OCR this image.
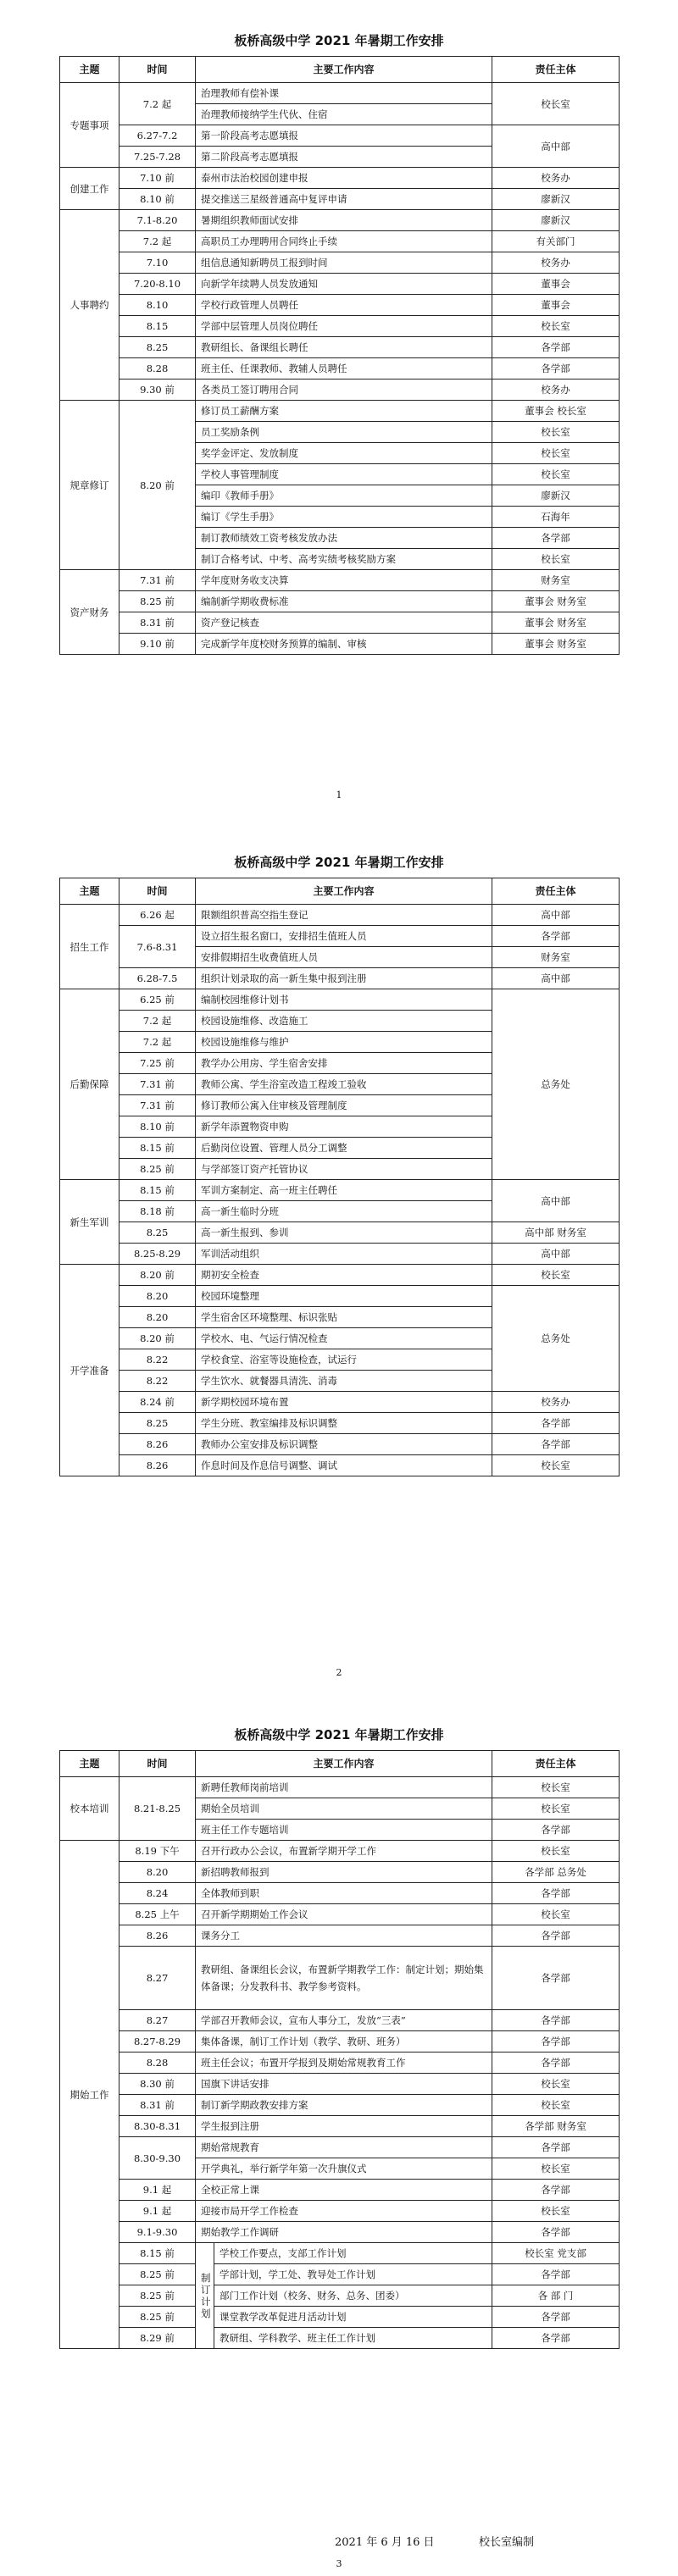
板桥高级中学 2021 年暑期工作安排
主题	时间	主要工作内容	责任主体
专题事项	7.2 起	治理教师有偿补课	校长室
		治理教师接纳学生代伙、住宿	
	6.27-7.2	第一阶段高考志愿填报	高中部
	7.25-7.28	第二阶段高考志愿填报	
创建工作	7.10 前	泰州市法治校园创建申报	校务办
	8.10 前	提交推送三星级普通高中复评申请	廖新汉
人事聘约	7.1-8.20	暑期组织教师面试安排	廖新汉
	7.2 起	高职员工办理聘用合同终止手续	有关部门
	7.10	组信息通知新聘员工报到时间	校务办
	7.20-8.10	向新学年续聘人员发放通知	董事会
	8.10	学校行政管理人员聘任	董事会
	8.15	学部中层管理人员岗位聘任	校长室
	8.25	教研组长、备课组长聘任	各学部
	8.28	班主任、任课教师、教辅人员聘任	各学部
	9.30 前	各类员工签订聘用合同	校务办
规章修订	8.20 前	修订员工薪酬方案	董事会 校长室
		员工奖励条例	校长室
		奖学金评定、发放制度	校长室
		学校人事管理制度	校长室
		编印《教师手册》	廖新汉
		编订《学生手册》	石海年
		制订教师绩效工资考核发放办法	各学部
		制订合格考试、中考、高考实绩考核奖励方案	校长室
资产财务	7.31 前	学年度财务收支决算	财务室
	8.25 前	编制新学期收费标准	董事会 财务室
	8.31 前	资产登记核查	董事会 财务室
	9.10 前	完成新学年度校财务预算的编制、审核	董事会 财务室
1
板桥高级中学 2021 年暑期工作安排
主题	时间	主要工作内容	责任主体
招生工作	6.26 起	限额组织普高空指生登记	高中部
	7.6-8.31	设立招生报名窗口，安排招生值班人员	各学部
		安排假期招生收费值班人员	财务室
	6.28-7.5	组织计划录取的高一新生集中报到注册	高中部
后勤保障	6.25 前	编制校园维修计划书	总务处
	7.2 起	校园设施维修、改造施工	
	7.2 起	校园设施维修与维护	
	7.25 前	教学办公用房、学生宿舍安排	
	7.31 前	教师公寓、学生浴室改造工程竣工验收	
	7.31 前	修订教师公寓入住审核及管理制度	
	8.10 前	新学年添置物资申购	
	8.15 前	后勤岗位设置、管理人员分工调整	
	8.25 前	与学部签订资产托管协议	
新生军训	8.15 前	军训方案制定、高一班主任聘任	高中部
	8.18 前	高一新生临时分班	
	8.25	高一新生报到、参训	高中部 财务室
	8.25-8.29	军训活动组织	高中部
开学准备	8.20 前	期初安全检查	校长室
	8.20	校园环境整理	总务处
	8.20	学生宿舍区环境整理、标识张贴	
	8.20 前	学校水、电、气运行情况检查	
	8.22	学校食堂、浴室等设施检查，试运行	
	8.22	学生饮水、就餐器具清洗、消毒	
	8.24 前	新学期校园环境布置	校务办
	8.25	学生分班、教室编排及标识调整	各学部
	8.26	教师办公室安排及标识调整	各学部
	8.26	作息时间及作息信号调整、调试	校长室
2
板桥高级中学 2021 年暑期工作安排
主题	时间	主要工作内容		责任主体
校本培训	8.21-8.25	新聘任教师岗前培训		校长室
		期始全员培训		校长室
		班主任工作专题培训		各学部
期始工作	8.19 下午	召开行政办公会议，布置新学期开学工作		校长室
	8.20	新招聘教师报到		各学部 总务处
	8.24	全体教师到职		各学部
	8.25 上午	召开新学期期始工作会议		校长室
	8.26	课务分工		各学部
	8.27	教研组、备课组长会议，布置新学期教学工作：制定计划；期始集体备课；分发教科书、教学参考资料。		各学部
	8.27	学部召开教师会议，宣布人事分工，发放“三表”		各学部
	8.27-8.29	集体备课，制订工作计划（教学、教研、班务）		各学部
	8.28	班主任会议；布置开学报到及期始常规教育工作		各学部
	8.30 前	国旗下讲话安排		校长室
	8.31 前	制订新学期政教安排方案		校长室
	8.30-8.31	学生报到注册		各学部 财务室
	8.30-9.30	期始常规教育		各学部
		开学典礼，举行新学年第一次升旗仪式		校长室
	9.1 起	全校正常上课		各学部
	9.1 起	迎接市局开学工作检查		校长室
	9.1-9.30	期始教学工作调研		各学部
	8.15 前	制订计划	学校工作要点，支部工作计划	校长室 党支部
	8.25 前		学部计划，学工处、教导处工作计划	各学部
	8.25 前		部门工作计划（校务、财务、总务、团委）	各 部 门
	8.25 前		课堂教学改革促进月活动计划	各学部
	8.29 前		教研组、学科教学、班主任工作计划	各学部
2021 年 6 月 16 日	校长室编制
3
